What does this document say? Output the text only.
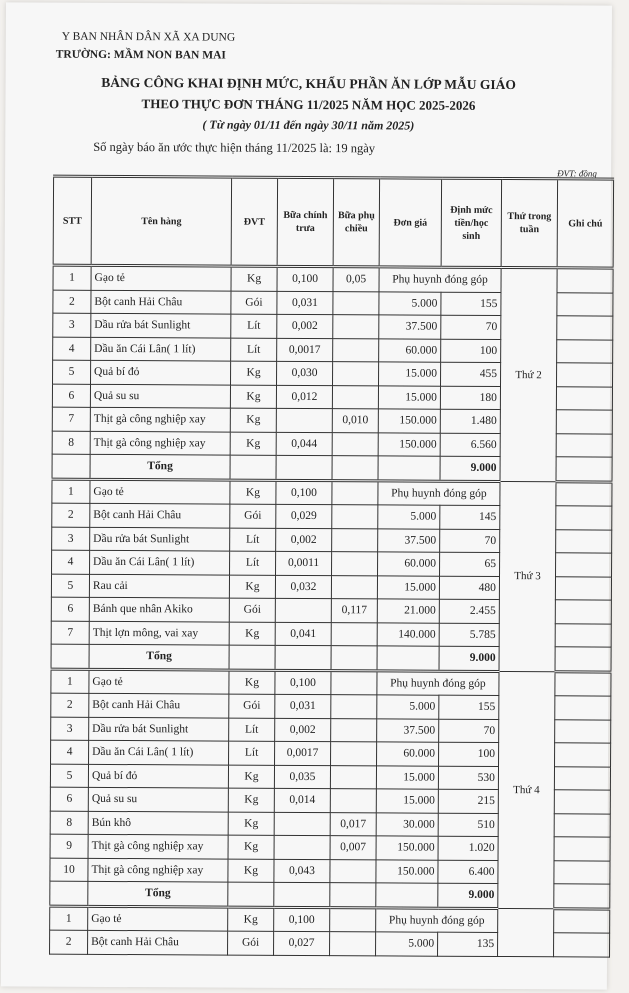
Y BAN NHÂN DÂN XÃ XA DUNG
TRƯỜNG: MẦM NON BAN MAI
BẢNG CÔNG KHAI ĐỊNH MỨC, KHẨU PHẦN ĂN LỚP MẪU GIÁO
THEO THỰC ĐƠN THÁNG 11/2025 NĂM HỌC 2025-2026
( Từ ngày 01/11 đến ngày 30/11 năm 2025)
Số ngày báo ăn ước thực hiện tháng 11/2025 là: 19 ngày
ĐVT: đồng
STT	Tên hàng	ĐVT	Bữa chính trưa	Bữa phụ chiều	Đơn giá	Định mức tiền/học sinh	Thứ trong tuần	Ghi chú
1	Gạo tẻ	Kg	0,100	0,05	Phụ huynh đóng góp		Thứ 2	
2	Bột canh Hải Châu	Gói	0,031		5.000	155		
3	Dầu rửa bát Sunlight	Lít	0,002		37.500	70		
4	Dầu ăn Cái Lân( 1 lít)	Lít	0,0017		60.000	100		
5	Quả bí đỏ	Kg	0,030		15.000	455		
6	Quả su su	Kg	0,012		15.000	180		
7	Thịt gà công nghiệp xay	Kg		0,010	150.000	1.480		
8	Thịt gà công nghiệp xay	Kg	0,044		150.000	6.560		
	Tổng					9.000		
1	Gạo tẻ	Kg	0,100		Phụ huynh đóng góp		Thứ 3	
2	Bột canh Hải Châu	Gói	0,029		5.000	145		
3	Dầu rửa bát Sunlight	Lít	0,002		37.500	70		
4	Dầu ăn Cái Lân( 1 lít)	Lít	0,0011		60.000	65		
5	Rau cải	Kg	0,032		15.000	480		
6	Bánh que nhân Akiko	Gói		0,117	21.000	2.455		
7	Thịt lợn mông, vai xay	Kg	0,041		140.000	5.785		
	Tổng					9.000		
1	Gạo tẻ	Kg	0,100		Phụ huynh đóng góp		Thứ 4	
2	Bột canh Hải Châu	Gói	0,031		5.000	155		
3	Dầu rửa bát Sunlight	Lít	0,002		37.500	70		
4	Dầu ăn Cái Lân( 1 lít)	Lít	0,0017		60.000	100		
5	Quả bí đỏ	Kg	0,035		15.000	530		
6	Quả su su	Kg	0,014		15.000	215		
8	Bún khô	Kg		0,017	30.000	510		
9	Thịt gà công nghiệp xay	Kg		0,007	150.000	1.020		
10	Thịt gà công nghiệp xay	Kg	0,043		150.000	6.400		
	Tổng					9.000		
1	Gạo tẻ	Kg	0,100		Phụ huynh đóng góp			
2	Bột canh Hải Châu	Gói	0,027		5.000	135		
